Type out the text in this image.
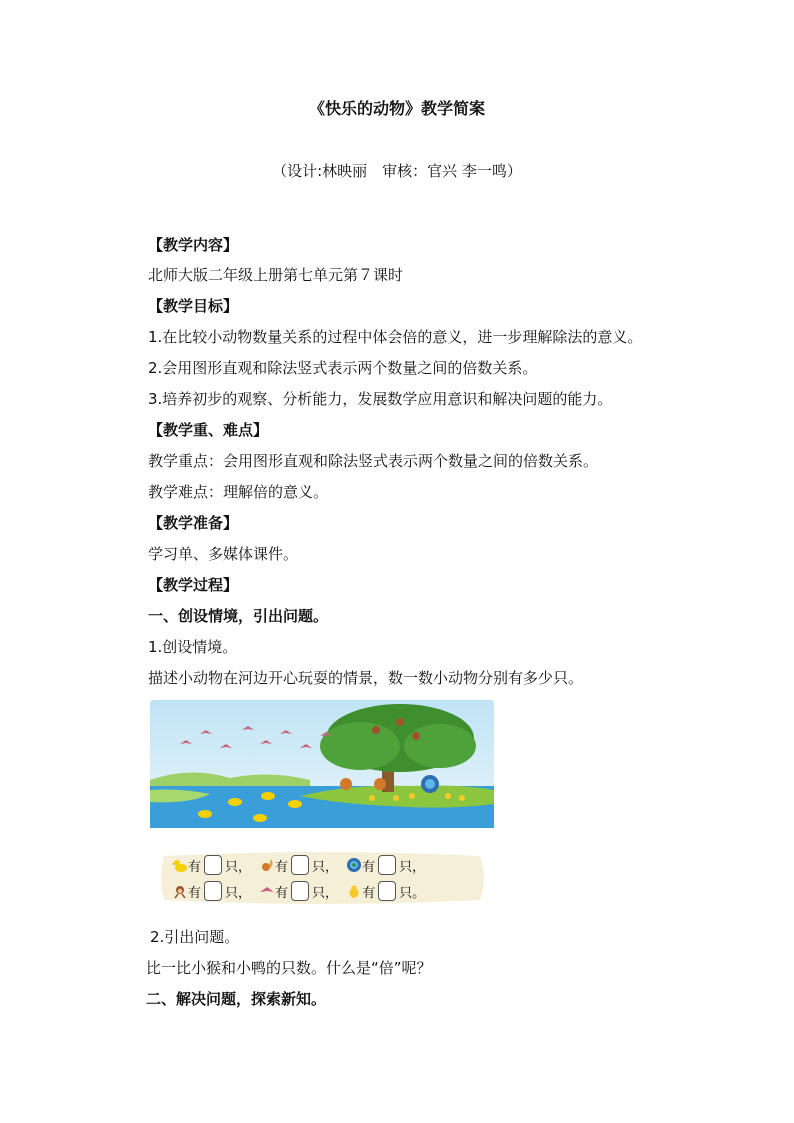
《快乐的动物》教学简案
（设计:林映丽　审核：官兴 李一鸣）
【教学内容】
北师大版二年级上册第七单元第７课时
【教学目标】
1.在比较小动物数量关系的过程中体会倍的意义，进一步理解除法的意义。
2.会用图形直观和除法竖式表示两个数量之间的倍数关系。
3.培养初步的观察、分析能力，发展数学应用意识和解决问题的能力。
【教学重、难点】
教学重点：会用图形直观和除法竖式表示两个数量之间的倍数关系。
教学难点：理解倍的意义。
【教学准备】
学习单、多媒体课件。
【教学过程】
一、创设情境，引出问题。
1.创设情境。
描述小动物在河边开心玩耍的情景，数一数小动物分别有多少只。
有 只， 有 只， 有 只，
有 只， 有 只， 有 只。
2.引出问题。
比一比小猴和小鸭的只数。什么是“倍”呢？
二、解决问题，探索新知。
